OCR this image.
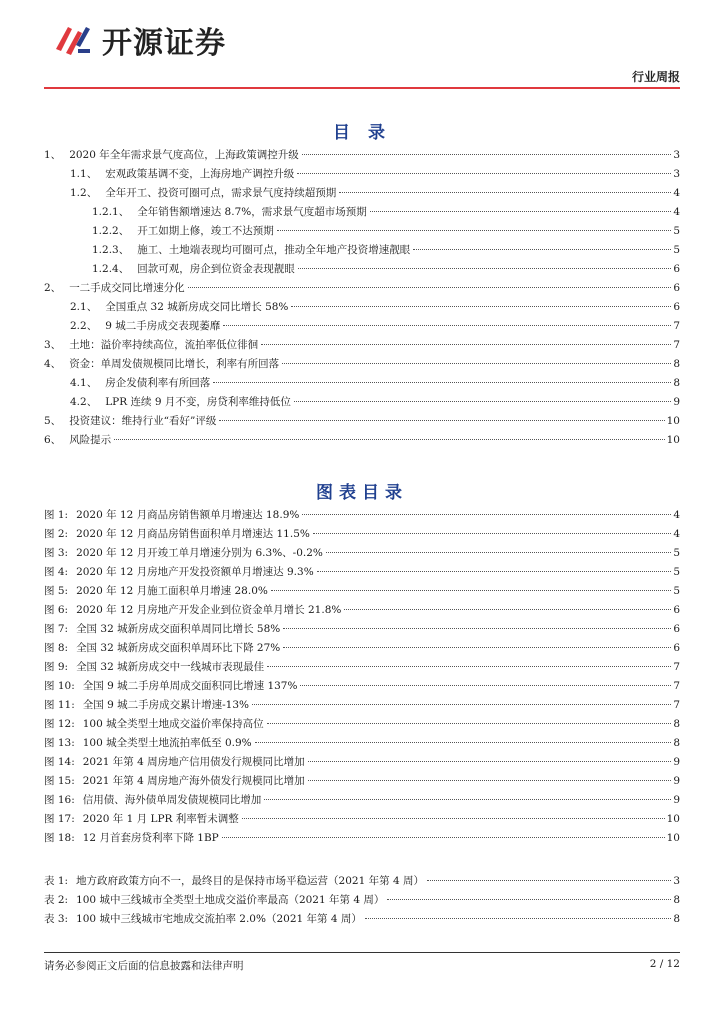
开源证券
行业周报
目 录
1、 2020 年全年需求景气度高位，上海政策调控升级	3
1.1、 宏观政策基调不变，上海房地产调控升级	3
1.2、 全年开工、投资可圈可点，需求景气度持续超预期	4
1.2.1、 全年销售额增速达 8.7%，需求景气度超市场预期	4
1.2.2、 开工如期上修，竣工不达预期	5
1.2.3、 施工、土地端表现均可圈可点，推动全年地产投资增速靓眼	5
1.2.4、 回款可观，房企到位资金表现靓眼	6
2、 一二手成交同比增速分化	6
2.1、 全国重点 32 城新房成交同比增长 58%	6
2.2、 9 城二手房成交表现萎靡	7
3、 土地：溢价率持续高位，流拍率低位徘徊	7
4、 资金：单周发债规模同比增长，利率有所回落	8
4.1、 房企发债利率有所回落	8
4.2、 LPR 连续 9 月不变，房贷利率维持低位	9
5、 投资建议：维持行业“看好”评级	10
6、 风险提示	10
图表目录
图 1: 2020 年 12 月商品房销售额单月增速达 18.9%	4
图 2: 2020 年 12 月商品房销售面积单月增速达 11.5%	4
图 3: 2020 年 12 月开竣工单月增速分别为 6.3%、-0.2%	5
图 4: 2020 年 12 月房地产开发投资额单月增速达 9.3%	5
图 5: 2020 年 12 月施工面积单月增速 28.0%	5
图 6: 2020 年 12 月房地产开发企业到位资金单月增长 21.8%	6
图 7: 全国 32 城新房成交面积单周同比增长 58%	6
图 8: 全国 32 城新房成交面积单周环比下降 27%	6
图 9: 全国 32 城新房成交中一线城市表现最佳	7
图 10: 全国 9 城二手房单周成交面积同比增速 137%	7
图 11: 全国 9 城二手房成交累计增速-13%	7
图 12: 100 城全类型土地成交溢价率保持高位	8
图 13: 100 城全类型土地流拍率低至 0.9%	8
图 14: 2021 年第 4 周房地产信用债发行规模同比增加	9
图 15: 2021 年第 4 周房地产海外债发行规模同比增加	9
图 16: 信用债、海外债单周发债规模同比增加	9
图 17: 2020 年 1 月 LPR 利率暂未调整	10
图 18: 12 月首套房贷利率下降 1BP	10
表 1: 地方政府政策方向不一，最终目的是保持市场平稳运营（2021 年第 4 周）	3
表 2: 100 城中三线城市全类型土地成交溢价率最高（2021 年第 4 周）	8
表 3: 100 城中三线城市宅地成交流拍率 2.0%（2021 年第 4 周）	8
请务必参阅正文后面的信息披露和法律声明	2 / 12
